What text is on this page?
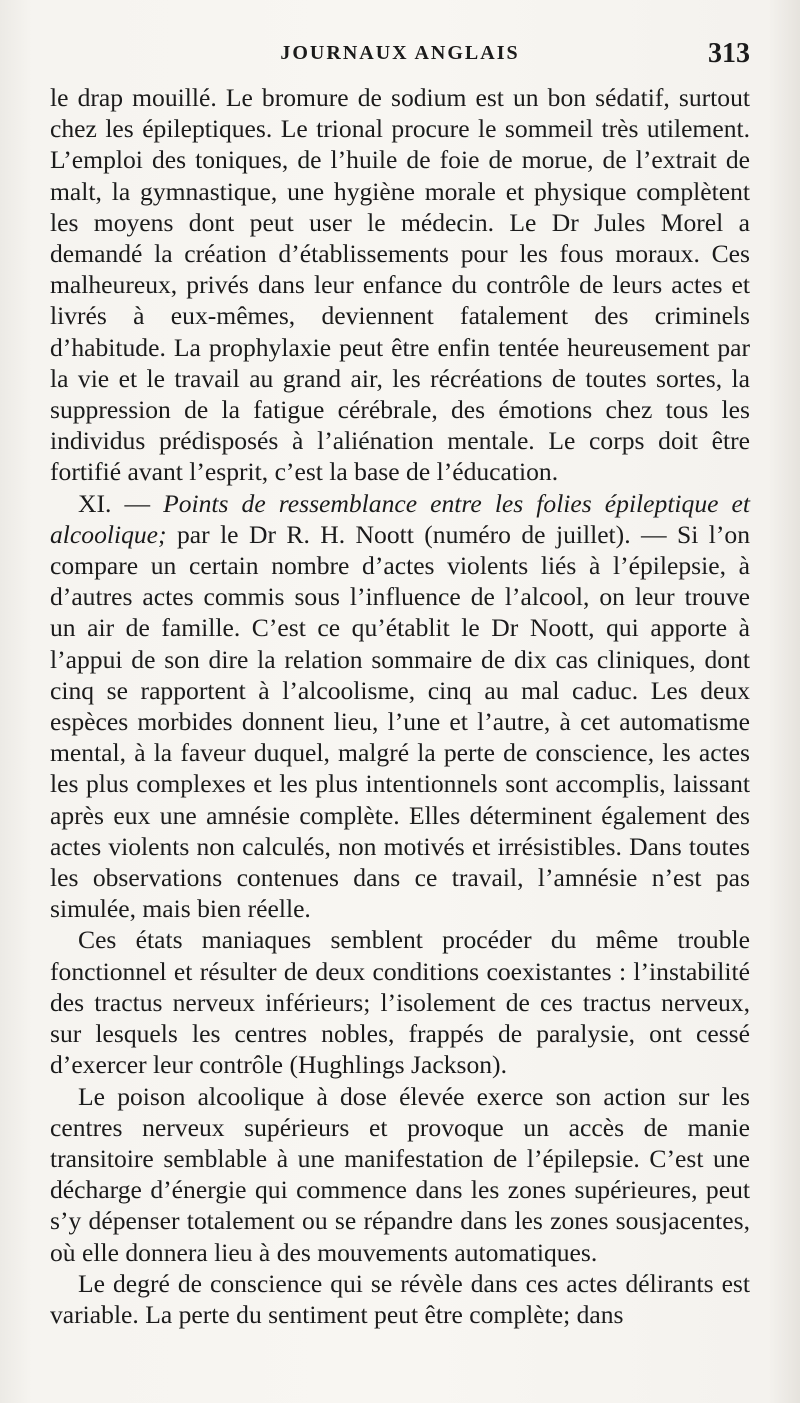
JOURNAUX ANGLAIS	313

le drap mouillé. Le bromure de sodium est un bon sédatif, surtout chez les épileptiques. Le trional procure le sommeil très utilement. L’emploi des toniques, de l’huile de foie de morue, de l’extrait de malt, la gymnastique, une hygiène morale et physique complètent les moyens dont peut user le médecin. Le Dr Jules Morel a demandé la création d’établissements pour les fous moraux. Ces malheureux, privés dans leur enfance du contrôle de leurs actes et livrés à eux-mêmes, deviennent fatalement des criminels d’habitude. La prophylaxie peut être enfin tentée heureusement par la vie et le travail au grand air, les récréations de toutes sortes, la suppression de la fatigue cérébrale, des émotions chez tous les individus prédisposés à l’aliénation mentale. Le corps doit être fortifié avant l’esprit, c’est la base de l’éducation.

XI. — Points de ressemblance entre les folies épileptique et alcoolique; par le Dr R. H. Noott (numéro de juillet). — Si l’on compare un certain nombre d’actes violents liés à l’épilepsie, à d’autres actes commis sous l’influence de l’alcool, on leur trouve un air de famille. C’est ce qu’établit le Dr Noott, qui apporte à l’appui de son dire la relation sommaire de dix cas cliniques, dont cinq se rapportent à l’alcoolisme, cinq au mal caduc. Les deux espèces morbides donnent lieu, l’une et l’autre, à cet automatisme mental, à la faveur duquel, malgré la perte de conscience, les actes les plus complexes et les plus intentionnels sont accomplis, laissant après eux une amnésie complète. Elles déterminent également des actes violents non calculés, non motivés et irrésistibles. Dans toutes les observations contenues dans ce travail, l’amnésie n’est pas simulée, mais bien réelle.

Ces états maniaques semblent procéder du même trouble fonctionnel et résulter de deux conditions coexistantes : l’instabilité des tractus nerveux inférieurs; l’isolement de ces tractus nerveux, sur lesquels les centres nobles, frappés de paralysie, ont cessé d’exercer leur contrôle (Hughlings Jackson).

Le poison alcoolique à dose élevée exerce son action sur les centres nerveux supérieurs et provoque un accès de manie transitoire semblable à une manifestation de l’épilepsie. C’est une décharge d’énergie qui commence dans les zones supérieures, peut s’y dépenser totalement ou se répandre dans les zones sousjacentes, où elle donnera lieu à des mouvements automatiques.

Le degré de conscience qui se révèle dans ces actes délirants est variable. La perte du sentiment peut être complète; dans
